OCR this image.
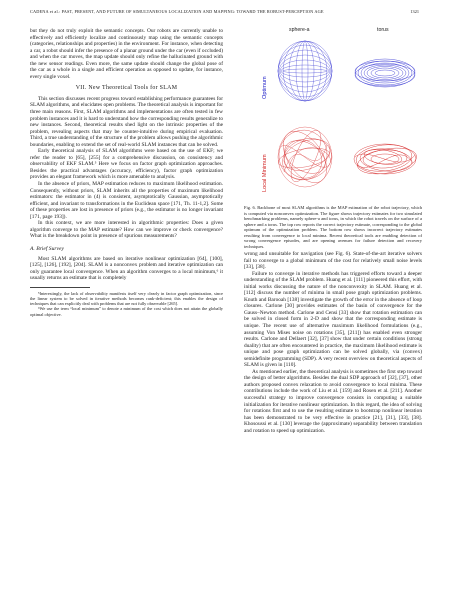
CADENA et al.: PAST, PRESENT, AND FUTURE OF SIMULTANEOUS LOCALIZATION AND MAPPING: TOWARD THE ROBUST-PERCEPTION AGE	1321

but they do not truly exploit the semantic concepts. Our robots are currently unable to effectively and efficiently localize and continuously map using the semantic concepts (categories, relationships and properties) in the environment. For instance, when detecting a car, a robot should infer the presence of a planar ground under the car (even if occluded) and when the car moves, the map update should only refine the hallucinated ground with the new sensor readings. Even more, the same update should change the global pose of the car as a whole in a single and efficient operation as opposed to update, for instance, every single voxel.

VII. New Theoretical Tools for SLAM

This section discusses recent progress toward establishing performance guarantees for SLAM algorithms, and elucidates open problems. The theoretical analysis is important for three main reasons. First, SLAM algorithms and implementations are often tested in few problem instances and it is hard to understand how the corresponding results generalize to new instances. Second, theoretical results shed light on the intrinsic properties of the problem, revealing aspects that may be counter-intuitive during empirical evaluation. Third, a true understanding of the structure of the problem allows pushing the algorithmic boundaries, enabling to extend the set of real-world SLAM instances that can be solved.

Early theoretical analysis of SLAM algorithms were based on the use of EKF; we refer the reader to [65], [255] for a comprehensive discussion, on consistency and observability of EKF SLAM.⁵ Here we focus on factor graph optimization approaches. Besides the practical advantages (accuracy, efficiency), factor graph optimization provides an elegant framework which is more amenable to analysis.

In the absence of priors, MAP estimation reduces to maximum likelihood estimation. Consequently, without priors, SLAM inherits all the properties of maximum likelihood estimators: the estimator in (4) is consistent, asymptotically Gaussian, asymptotically efficient, and invariant to transformations in the Euclidean space [171, Th. 11-1,2]. Some of these properties are lost in presence of priors (e.g., the estimator is no longer invariant [171, page 193]).

In this context, we are more interested in algorithmic properties: Does a given algorithm converge to the MAP estimate? How can we improve or check convergence? What is the breakdown point in presence of spurious measurements?

A. Brief Survey

Most SLAM algorithms are based on iterative nonlinear optimization [64], [100], [125], [126], [192], [204]. SLAM is a nonconvex problem and iterative optimization can only guarantee local convergence. When an algorithm converges to a local minimum,⁶ it usually returns an estimate that is completely

⁵Interestingly, the lack of observability manifests itself very clearly in factor graph optimization, since the linear system to be solved in iterative methods becomes rank-deficient; this enables the design of techniques that can explicitly deal with problems that are not fully observable [265].

⁶We use the term “local minimum” to denote a minimum of the cost which does not attain the globally optimal objective.

sphere-a	torus
Optimum
Local Minimum
Fig. 6. Backbone of most SLAM algorithms is the MAP estimation of the robot trajectory, which is computed via nonconvex optimization. The figure shows trajectory estimates for two simulated benchmarking problems, namely sphere-a and torus, in which the robot travels on the surface of a sphere and a torus. The top row reports the correct trajectory estimate, corresponding to the global optimum of the optimization problem. The bottom row shows incorrect trajectory estimates resulting from convergence to local minima. Recent theoretical tools are enabling detection of wrong convergence episodes, and are opening avenues for failure detection and recovery techniques.

wrong and unsuitable for navigation (see Fig. 6). State-of-the-art iterative solvers fail to converge to a global minimum of the cost for relatively small noise levels [33], [38].

Failure to converge in iterative methods has triggered efforts toward a deeper understanding of the SLAM problem. Huang et al. [111] pioneered this effort, with initial works discussing the nature of the nonconvexity in SLAM. Huang et al. [112] discuss the number of minima in small pose graph optimization problems. Knuth and Barooah [138] investigate the growth of the error in the absence of loop closures. Carlone [30] provides estimates of the basin of convergence for the Gauss–Newton method. Carlone and Censi [33] show that rotation estimation can be solved in closed form in 2-D and show that the corresponding estimate is unique. The recent use of alternative maximum likelihood formulations (e.g., assuming Von Mises noise on rotations [35], [211]) has enabled even stronger results. Carlone and Dellaert [32], [37] show that under certain conditions (strong duality) that are often encountered in practice, the maximum likelihood estimate is unique and pose graph optimization can be solved globally, via (convex) semidefinite programming (SDP). A very recent overview on theoretical aspects of SLAM is given in [110].

As mentioned earlier, the theoretical analysis is sometimes the first step toward the design of better algorithms. Besides the dual SDP approach of [32], [37], other authors proposed convex relaxation to avoid convergence to local minima. These contributions include the work of Liu et al. [159] and Rosen et al. [211]. Another successful strategy to improve convergence consists in computing a suitable initialization for iterative nonlinear optimization. In this regard, the idea of solving for rotations first and to use the resulting estimate to bootstrap nonlinear iteration has been demonstrated to be very effective in practice [21], [31], [33], [38]. Khosoussi et al. [130] leverage the (approximate) separability between translation and rotation to speed up optimization.
